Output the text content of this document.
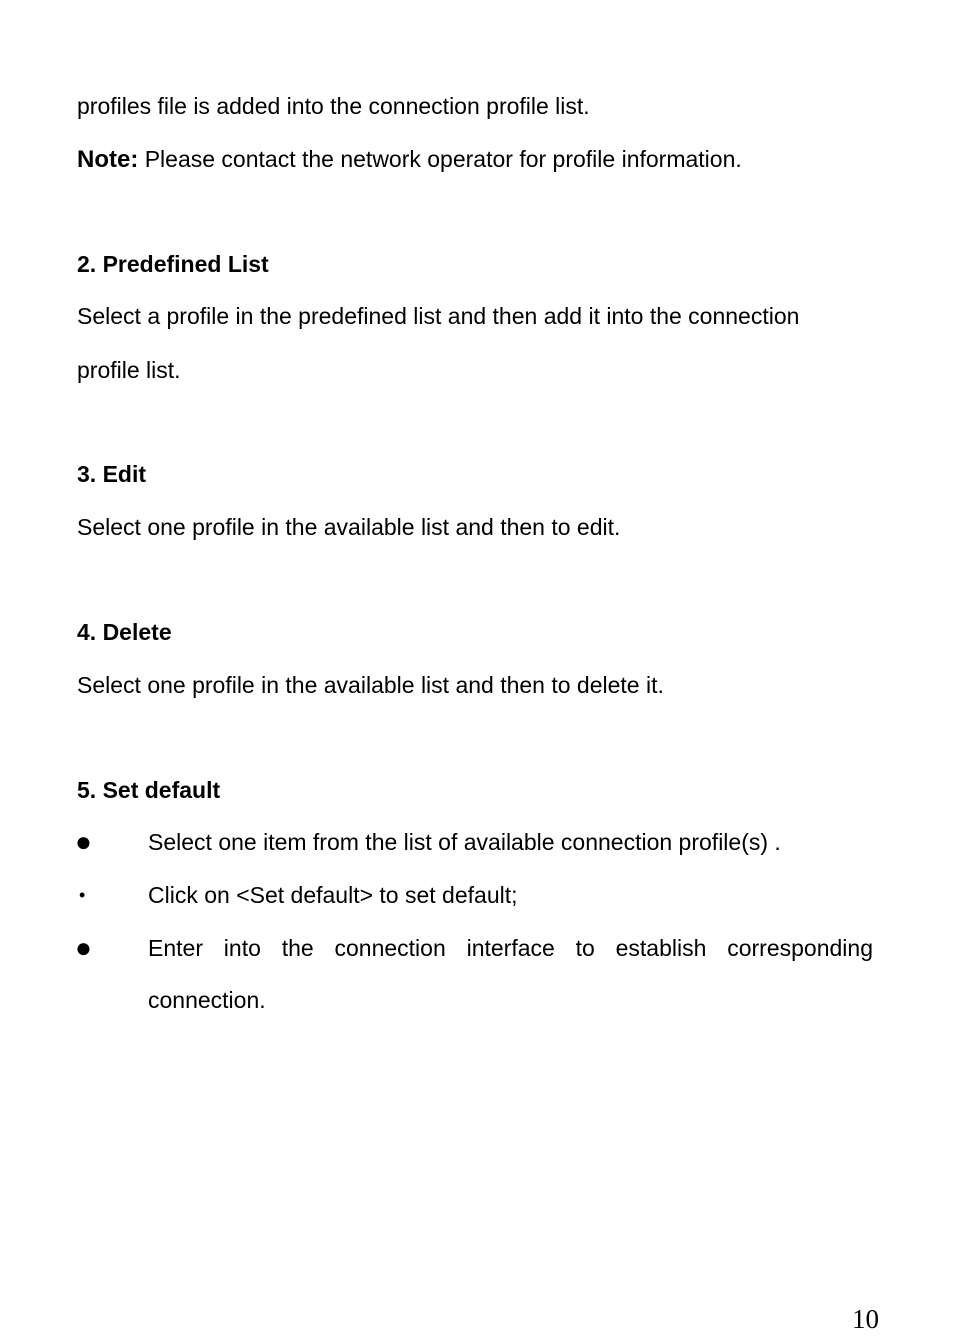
profiles file is added into the connection profile list.
Note: Please contact the network operator for profile information.
2. Predefined List
Select a profile in the predefined list and then add it into the connection
profile list.
3. Edit
Select one profile in the available list and then to edit.
4. Delete
Select one profile in the available list and then to delete it.
5. Set default
● Select one item from the list of available connection profile(s) .
•	Click on <Set default> to set default;
● Enter into the connection interface to establish corresponding
connection.
10
